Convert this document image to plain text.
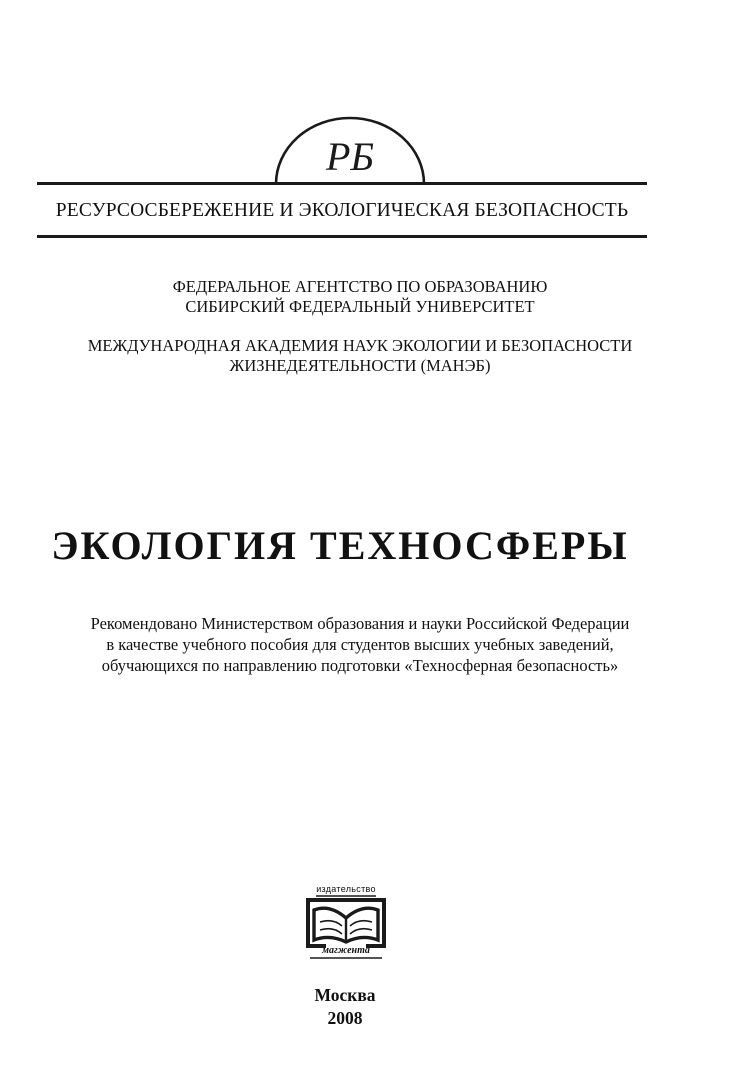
РБ
РЕСУРСОСБЕРЕЖЕНИЕ И ЭКОЛОГИЧЕСКАЯ БЕЗОПАСНОСТЬ
ФЕДЕРАЛЬНОЕ АГЕНТСТВО ПО ОБРАЗОВАНИЮ
СИБИРСКИЙ ФЕДЕРАЛЬНЫЙ УНИВЕРСИТЕТ
МЕЖДУНАРОДНАЯ АКАДЕМИЯ НАУК ЭКОЛОГИИ И БЕЗОПАСНОСТИ
ЖИЗНЕДЕЯТЕЛЬНОСТИ (МАНЭБ)
ЭКОЛОГИЯ ТЕХНОСФЕРЫ
Рекомендовано Министерством образования и науки Российской Федерации
в качестве учебного пособия для студентов высших учебных заведений,
обучающихся по направлению подготовки «Техносферная безопасность»
издательство
магжента
Москва
2008
